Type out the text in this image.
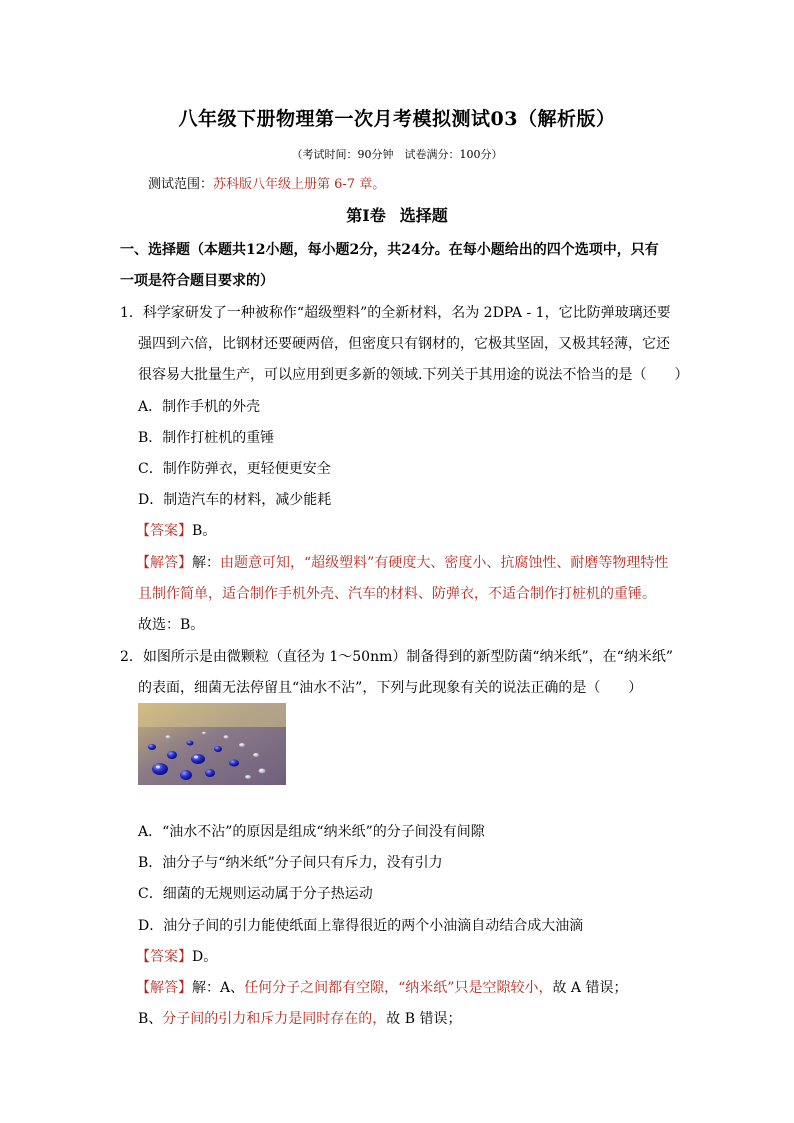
八年级下册物理第一次月考模拟测试03（解析版）
（考试时间：90分钟　试卷满分：100分）
测试范围：苏科版八年级上册第 6-7 章。
第Ⅰ卷 选择题
一、选择题（本题共12小题，每小题2分，共24分。在每小题给出的四个选项中，只有
一项是符合题目要求的）
1．科学家研发了一种被称作“超级塑料”的全新材料，名为 2DPA - 1，它比防弹玻璃还要
强四到六倍，比钢材还要硬两倍，但密度只有钢材的，它极其坚固，又极其轻薄，它还
很容易大批量生产，可以应用到更多新的领域.下列关于其用途的说法不恰当的是（　　）
A．制作手机的外壳
B．制作打桩机的重锤
C．制作防弹衣，更轻便更安全
D．制造汽车的材料，减少能耗
【答案】B。
【解答】解：由题意可知，“超级塑料”有硬度大、密度小、抗腐蚀性、耐磨等物理特性
且制作简单，适合制作手机外壳、汽车的材料、防弹衣，不适合制作打桩机的重锤。
故选：B。
2．如图所示是由微颗粒（直径为 1～50nm）制备得到的新型防菌“纳米纸”，在“纳米纸”
的表面，细菌无法停留且“油水不沾”，下列与此现象有关的说法正确的是（　　）
A．“油水不沾”的原因是组成“纳米纸”的分子间没有间隙
B．油分子与“纳米纸”分子间只有斥力，没有引力
C．细菌的无规则运动属于分子热运动
D．油分子间的引力能使纸面上靠得很近的两个小油滴自动结合成大油滴
【答案】D。
【解答】解：A、任何分子之间都有空隙，“纳米纸”只是空隙较小，故 A 错误；
B、分子间的引力和斥力是同时存在的，故 B 错误；
